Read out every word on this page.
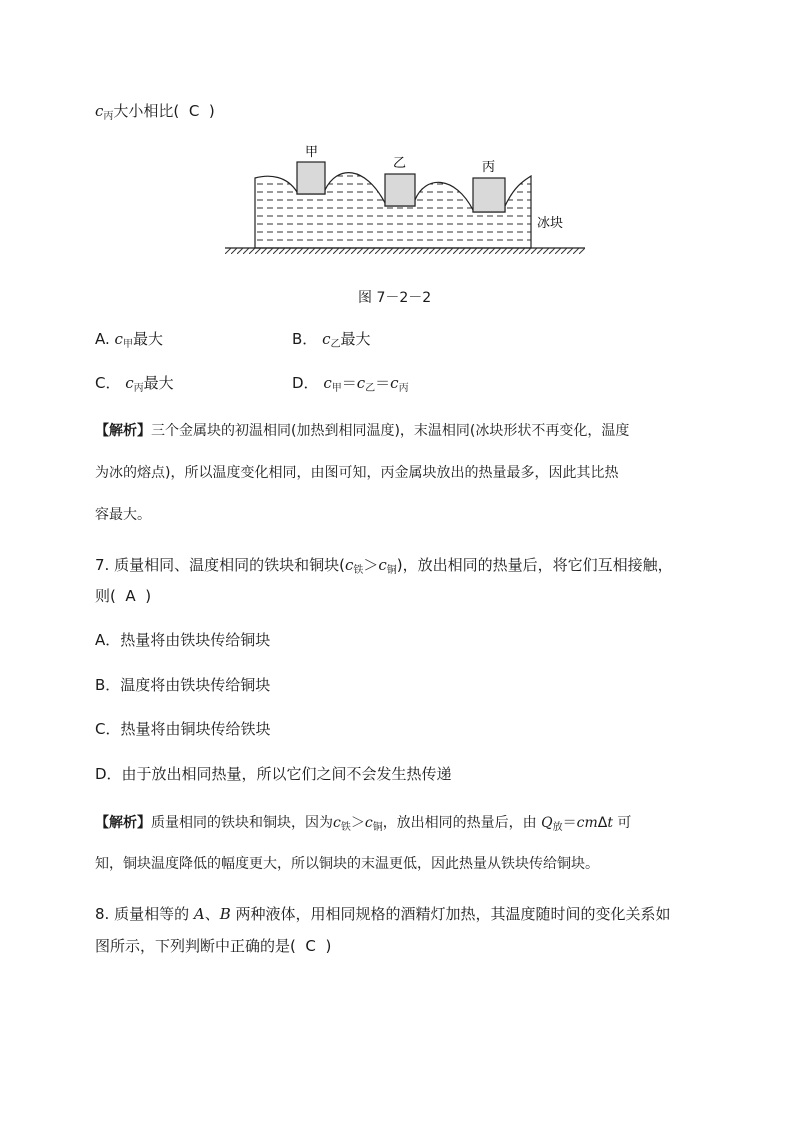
$c_丙$大小相比( C )
甲
乙	丙
冰块
图 7－2－2
A. $c_甲$最大	B． $c_乙$最大
C． $c_丙$最大	D． $c_甲=c_乙=c_丙$
【解析】三个金属块的初温相同(加热到相同温度)，末温相同(冰块形状不再变化，温度
为冰的熔点)，所以温度变化相同，由图可知，丙金属块放出的热量最多，因此其比热
容最大。
7. 质量相同、温度相同的铁块和铜块$(c_铁>c_铜)$，放出相同的热量后，将它们互相接触，
则( A )
A．热量将由铁块传给铜块
B．温度将由铁块传给铜块
C．热量将由铜块传给铁块
D．由于放出相同热量，所以它们之间不会发生热传递
【解析】质量相同的铁块和铜块，因为$c_铁>c_铜$，放出相同的热量后，由 $Q_放=cm\Delta t$ 可
知，铜块温度降低的幅度更大，所以铜块的末温更低，因此热量从铁块传给铜块。
8. 质量相等的 A、B 两种液体，用相同规格的酒精灯加热，其温度随时间的变化关系如
图所示，下列判断中正确的是( C )
